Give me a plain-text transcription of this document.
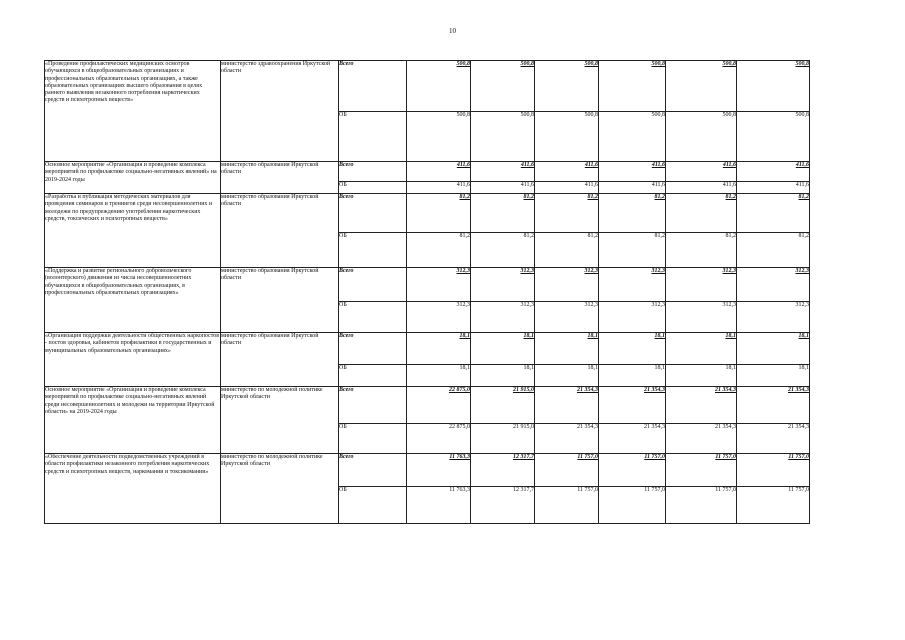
10
«Проведение профилактических медицинских осмотров обучающихся в общеобразовательных организациях и профессиональных образовательных организациях, а также образовательных организациях высшего образования в целях раннего выявления незаконного потребления наркотических средств и психотропных веществ»	министерство здравоохранения Иркутской области	Всего	500,8	500,8	500,8	500,8	500,8	500,8
		ОБ	500,8	500,8	500,8	500,8	500,8	500,8
Основное мероприятие «Организация и проведение комплекса мероприятий по профилактике социально-негативных явлений» на 2019-2024 годы	министерство образования Иркутской области	Всего	411,6	411,6	411,6	411,6	411,6	411,6
		ОБ	411,6	411,6	411,6	411,6	411,6	411,6
«Разработка и публикация методических материалов для проведения семинаров и тренингов среди несовершеннолетних и молодежи по предупреждению употребления наркотических средств, токсических и психотропных веществ»	министерство образования Иркутской области	Всего	81,2	81,2	81,2	81,2	81,2	81,2
		ОБ	81,2	81,2	81,2	81,2	81,2	81,2
«Поддержка и развитие регионального добровольческого (волонтерского) движения из числа несовершеннолетних обучающихся в общеобразовательных организациях, в профессиональных образовательных организациях»	министерство образования Иркутской области	Всего	312,3	312,3	312,3	312,3	312,3	312,3
		ОБ	312,3	312,3	312,3	312,3	312,3	312,3
«Организация поддержки деятельности общественных наркопостов - постов здоровья, кабинетов профилактики в государственных и муниципальных образовательных организациях»	министерство образования Иркутской области	Всего	18,1	18,1	18,1	18,1	18,1	18,1
		ОБ	18,1	18,1	18,1	18,1	18,1	18,1
Основное мероприятие «Организация и проведение комплекса мероприятий по профилактике социально-негативных явлений среди несовершеннолетних и молодежи на территории Иркутской области» на 2019-2024 годы	министерство по молодежной политике Иркутской области	Всего	22 875,0	21 915,0	21 354,3	21 354,3	21 354,3	21 354,3
		ОБ	22 875,0	21 915,0	21 354,3	21 354,3	21 354,3	21 354,3
«Обеспечение деятельности подведомственных учреждений в области профилактики незаконного потребления наркотических средств и психотропных веществ, наркомании и токсикомании»	министерство по молодежной политике Иркутской области	Всего	11 763,3	12 317,7	11 757,0	11 757,0	11 757,0	11 757,0
		ОБ	11 763,3	12 317,7	11 757,0	11 757,0	11 757,0	11 757,0
